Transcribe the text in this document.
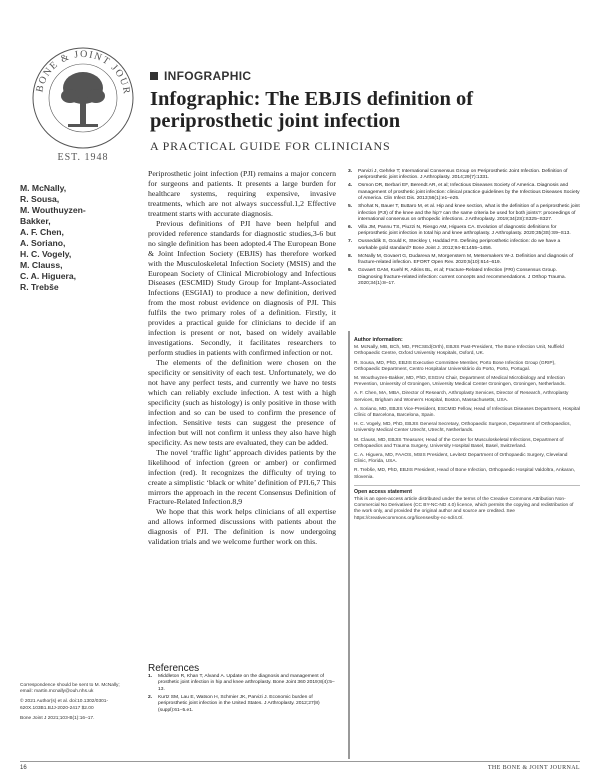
BONE & JOINT JOUR
EST. 1948
INFOGRAPHIC
Infographic: The EBJIS definition of periprosthetic joint infection
A PRACTICAL GUIDE FOR CLINICIANS
M. McNally,
R. Sousa,
M. Wouthuyzen-Bakker,
A. F. Chen,
A. Soriano,
H. C. Vogely,
M. Clauss,
C. A. Higuera,
R. Trebše

Correspondence should be sent to M. McNally; email: martin.mcnally@ouh.nhs.uk

© 2021 Author(s) et al. doi:10.1302/0301-620X.103B1.BJJ-2020-2417 $2.00

Bone Joint J 2021;103-B(1):16–17.

Periprosthetic joint infection (PJI) remains a major concern for surgeons and patients. It presents a large burden for healthcare systems, requiring expensive, invasive treatments, which are not always successful.1,2 Effective treatment starts with accurate diagnosis.

Previous definitions of PJI have been helpful and provided reference standards for diagnostic studies,3-6 but no single definition has been adopted.4 The European Bone & Joint Infection Society (EBJIS) has therefore worked with the Musculoskeletal Infection Society (MSIS) and the European Society of Clinical Microbiology and Infectious Diseases (ESCMID) Study Group for Implant-Associated Infections (ESGIAI) to produce a new definition, derived from the most robust evidence on diagnosis of PJI. This fulfils the two primary roles of a definition. Firstly, it provides a practical guide for clinicians to decide if an infection is present or not, based on widely available investigations. Secondly, it facilitates researchers to perform studies in patients with confirmed infection or not.

The elements of the definition were chosen on the specificity or sensitivity of each test. Unfortunately, we do not have any perfect tests, and currently we have no tests which can reliably exclude infection. A test with a high specificity (such as histology) is only positive in those with infection and so can be used to confirm the presence of infection. Sensitive tests can suggest the presence of infection but will not confirm it unless they also have high specificity. As new tests are evaluated, they can be added.

The novel ‘traffic light’ approach divides patients by the likelihood of infection (green or amber) or confirmed infection (red). It recognizes the difficulty of trying to create a simplistic ‘black or white’ definition of PJI.6,7 This mirrors the approach in the recent Consensus Definition of Fracture-Related Infection.8,9

We hope that this work helps clinicians of all expertise and allows informed discussions with patients about the diagnosis of PJI. The definition is now undergoing validation trials and we welcome further work on this.

References
1. Middleton R, Khan T, Alvand A. Update on the diagnosis and management of prosthetic joint infection in hip and knee arthroplasty. Bone Joint 360 2019;8(4):5–13.
2. Kurtz SM, Lau E, Watson H, Schmier JK, Parvizi J. Economic burden of periprosthetic joint infection in the United States. J Arthroplasty. 2012;27(8)(suppl):61–5.e1.
3. Parvizi J, Gehrke T; International Consensus Group on Periprosthetic Joint Infection. Definition of periprosthetic joint infection. J Arthroplasty. 2014;29(7):1331.
4. Osmon DR, Berbari EF, Berendt AR, et al; Infectious Diseases Society of America. Diagnosis and management of prosthetic joint infection: clinical practice guidelines by the Infectious Diseases Society of America. Clin Infect Dis. 2013;56(1):e1–e25.
5. Shohat N, Bauer T, Buttaro M, et al. Hip and knee section, what is the definition of a periprosthetic joint infection (PJI) of the knee and the hip? can the same criteria be used for both joints?: proceedings of international consensus on orthopedic infections. J Arthroplasty. 2019;34(2S):S325–S327.
6. Villa JM, Pannu TS, Piuzzi N, Riesgo AM, Higuera CA. Evolution of diagnostic definitions for periprosthetic joint infection in total hip and knee arthroplasty. J Arthroplasty. 2020;35(3S):S9–S13.
7. Ousseddik S, Gould K, Steckley I, Haddad FS. Defining periprosthetic infection: do we have a workable gold standard? Bone Joint J. 2012;94-B:1455–1456.
8. McNally M, Govaert G, Dudareva M, Morgenstern M, Metsemakers W-J. Definition and diagnosis of fracture-related infection. EFORT Open Rev. 2020;5(10):614–619.
9. Govaert GAM, Kuehl R, Atkins BL, et al; Fracture-Related Infection (FRI) Consensus Group. Diagnosing fracture-related infection: current concepts and recommendations. J Orthop Trauma. 2020;34(1):8–17.
Author information:
M. McNally, MB, BCh, MD, FRCSEd(Orth), EBJIS Past-President, The Bone Infection Unit, Nuffield Orthopaedic Centre, Oxford University Hospitals, Oxford, UK.
R. Sousa, MD, PhD, EBJIS Executive Committee Member, Porto Bone Infection Group (GRIP), Orthopaedic Department, Centro Hospitalar Universitário do Porto, Porto, Portugal.
M. Wouthuyzen-Bakker, MD, PhD, ESGIAI Chair, Department of Medical Microbiology and Infection Prevention, University of Groningen, University Medical Center Groningen, Groningen, Netherlands.
A. F. Chen, MA, MBA, Director of Research, Arthroplasty Services, Director of Research, Arthroplasty Services, Brigham and Women's Hospital, Boston, Massachusetts, USA.
A. Soriano, MD, EBJIS Vice-President, ESCMID Fellow, Head of Infectious Diseases Department, Hospital Clínic of Barcelona, Barcelona, Spain.
H. C. Vogely, MD, PhD, EBJIS General Secretary, Orthopaedic Surgeon, Department of Orthopaedics, University Medical Center Utrecht, Utrecht, Netherlands.
M. Clauss, MD, EBJIS Treasurer, Head of the Center for Musculoskeletal Infections, Department of Orthopaedics and Trauma Surgery, University Hospital Basel, Basel, Switzerland.
C. A. Higuera, MD, FAAOS, MSIS President, Levitetz Department of Orthopaedic Surgery, Cleveland Clinic, Florida, USA.
R. Trebše, MD, PhD, EBJIS President, Head of Bone Infection, Orthopaedic Hospital Valdoltra, Ankaran, Slovenia.
Open access statement
This is an open-access article distributed under the terms of the Creative Commons Attribution Non-Commercial No Derivatives (CC BY-NC-ND 4.0) licence, which permits the copying and redistribution of the work only, and provided the original author and source are credited. See https://creativecommons.org/licenses/by-nc-nd/4.0/.
16	THE BONE & JOINT JOURNAL
